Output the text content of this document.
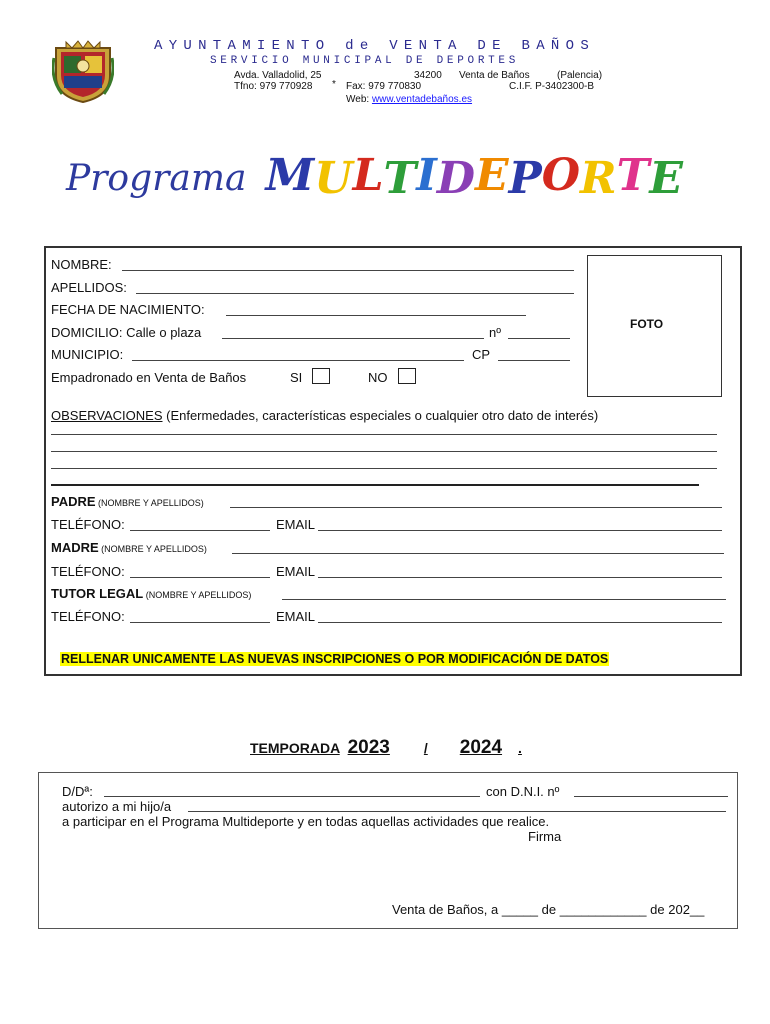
AYUNTAMIENTO de VENTA DE BAÑOS
SERVICIO MUNICIPAL DE DEPORTES
Avda. Valladolid, 25	34200 Venta de Baños	(Palencia)
Tfno: 979 770928 * Fax: 979 770830	C.I.F. P-3402300-B
Web: www.ventadebaños.es
Programa MULTIDEPORTE
FOTO
NOMBRE:
APELLIDOS:
FECHA DE NACIMIENTO:
DOMICILIO: Calle o plaza	nº
MUNICIPIO:	CP
Empadronado en Venta de Baños	SI	NO
OBSERVACIONES (Enfermedades, características especiales o cualquier otro dato de interés)
PADRE (NOMBRE Y APELLIDOS)
TELÉFONO:	EMAIL
MADRE (NOMBRE Y APELLIDOS)
TELÉFONO:	EMAIL
TUTOR LEGAL (NOMBRE Y APELLIDOS)
TELÉFONO:	EMAIL
RELLENAR UNICAMENTE LAS NUEVAS INSCRIPCIONES O POR MODIFICACIÓN DE DATOS
TEMPORADA 2023 / 2024 .
D/Dª:	con D.N.I. nº
autorizo a mi hijo/a
a participar en el Programa Multideporte y en todas aquellas actividades que realice.
Firma
Venta de Baños, a _____ de ____________ de 202__
